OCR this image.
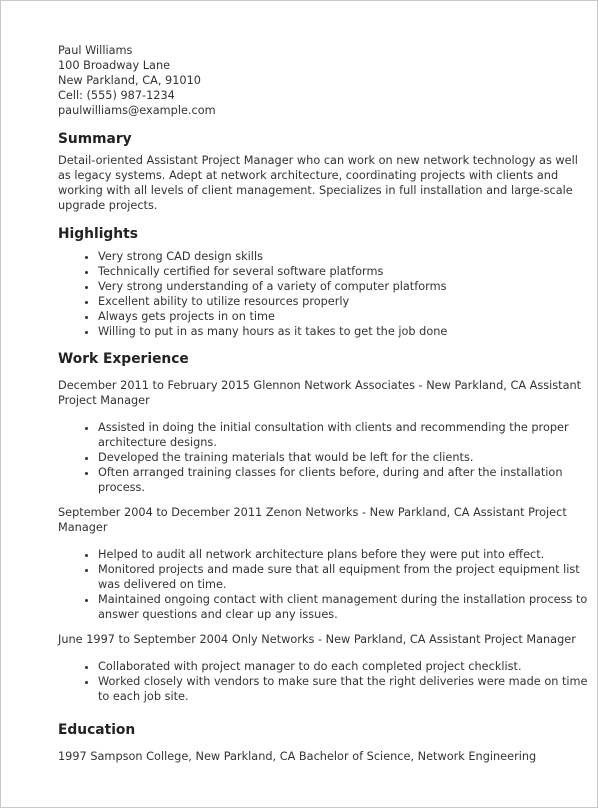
Paul Williams
100 Broadway Lane
New Parkland, CA, 91010
Cell: (555) 987-1234
paulwilliams@example.com
Summary

Detail-oriented Assistant Project Manager who can work on new network technology as well as legacy systems. Adept at network architecture, coordinating projects with clients and working with all levels of client management. Specializes in full installation and large-scale upgrade projects.

Highlights
• Very strong CAD design skills
• Technically certified for several software platforms
• Very strong understanding of a variety of computer platforms
• Excellent ability to utilize resources properly
• Always gets projects in on time
• Willing to put in as many hours as it takes to get the job done
Work Experience

December 2011 to February 2015 Glennon Network Associates - New Parkland, CA Assistant Project Manager

• Assisted in doing the initial consultation with clients and recommending the proper architecture designs.
• Developed the training materials that would be left for the clients.
• Often arranged training classes for clients before, during and after the installation process.

September 2004 to December 2011 Zenon Networks - New Parkland, CA Assistant Project Manager

• Helped to audit all network architecture plans before they were put into effect.
• Monitored projects and made sure that all equipment from the project equipment list was delivered on time.
• Maintained ongoing contact with client management during the installation process to answer questions and clear up any issues.

June 1997 to September 2004 Only Networks - New Parkland, CA Assistant Project Manager

• Collaborated with project manager to do each completed project checklist.
• Worked closely with vendors to make sure that the right deliveries were made on time to each job site.
Education

1997 Sampson College, New Parkland, CA Bachelor of Science, Network Engineering
